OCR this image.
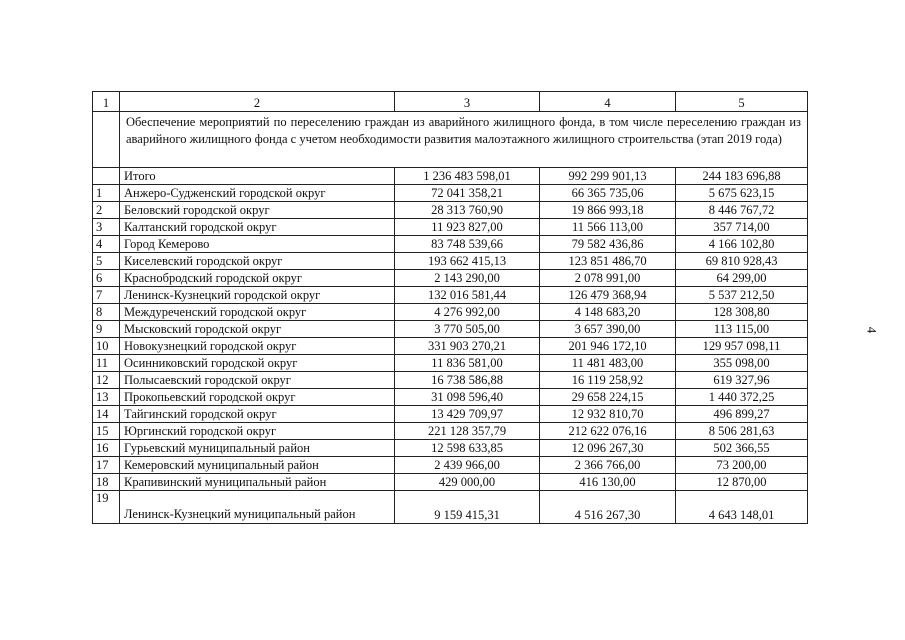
1	2	3	4	5
	Обеспечение мероприятий по переселению граждан из аварийного жилищного фонда, в том числе переселению граждан из аварийного жилищного фонда с учетом необходимости развития малоэтажного жилищного строительства (этап 2019 года)			
	Итого	1 236 483 598,01	992 299 901,13	244 183 696,88
1	Анжеро-Судженский городской округ	72 041 358,21	66 365 735,06	5 675 623,15
2	Беловский городской округ	28 313 760,90	19 866 993,18	8 446 767,72
3	Калтанский городской округ	11 923 827,00	11 566 113,00	357 714,00
4	Город Кемерово	83 748 539,66	79 582 436,86	4 166 102,80
5	Киселевский городской округ	193 662 415,13	123 851 486,70	69 810 928,43
6	Краснобродский городской округ	2 143 290,00	2 078 991,00	64 299,00
7	Ленинск-Кузнецкий городской округ	132 016 581,44	126 479 368,94	5 537 212,50
8	Междуреченский городской округ	4 276 992,00	4 148 683,20	128 308,80
9	Мысковский городской округ	3 770 505,00	3 657 390,00	113 115,00
10	Новокузнецкий городской округ	331 903 270,21	201 946 172,10	129 957 098,11
11	Осинниковский городской округ	11 836 581,00	11 481 483,00	355 098,00
12	Полысаевский городской округ	16 738 586,88	16 119 258,92	619 327,96
13	Прокопьевский городской округ	31 098 596,40	29 658 224,15	1 440 372,25
14	Тайгинский городской округ	13 429 709,97	12 932 810,70	496 899,27
15	Юргинский городской округ	221 128 357,79	212 622 076,16	8 506 281,63
16	Гурьевский муниципальный район	12 598 633,85	12 096 267,30	502 366,55
17	Кемеровский муниципальный район	2 439 966,00	2 366 766,00	73 200,00
18	Крапивинский муниципальный район	429 000,00	416 130,00	12 870,00
19	Ленинск-Кузнецкий муниципальный район	9 159 415,31	4 516 267,30	4 643 148,01
4
